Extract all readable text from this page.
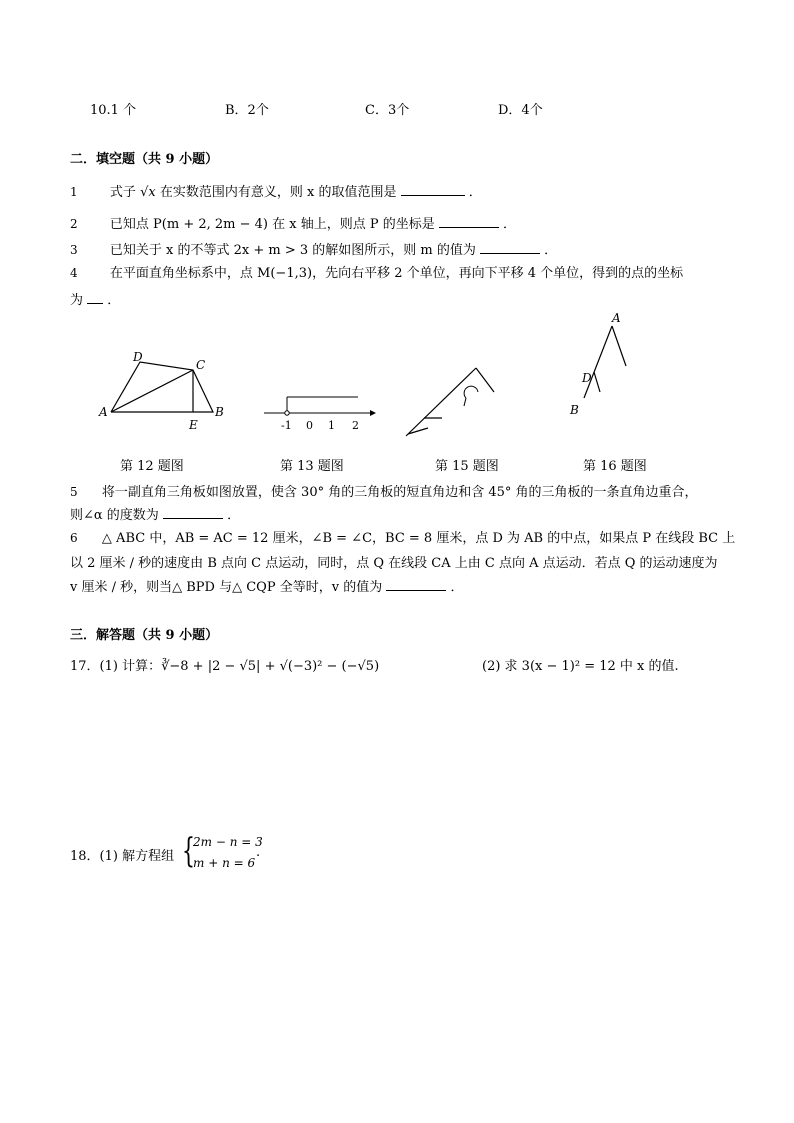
10.1 个	B．2个	C．3个	D．4个
二．填空题（共 9 小题）
1 式子 √x 在实数范围内有意义，则 x 的取值范围是	．
2 已知点 P(m + 2, 2m − 4) 在 x 轴上，则点 P 的坐标是	．
3 已知关于 x 的不等式 2x + m > 3 的解如图所示，则 m 的值为	．
4 在平面直角坐标系中，点 M(−1,3)，先向右平移 2 个单位，再向下平移 4 个单位，得到的点的坐标
为 ．
D
C
A	B
E	-1 0 1 2
A
D
B
第 12 题图	第 13 题图	第 15 题图	第 16 题图
5 将一副直角三角板如图放置，使含 30° 角的三角板的短直角边和含 45° 角的三角板的一条直角边重合，
则∠α 的度数为	．
6 △ ABC 中，AB = AC = 12 厘米，∠B = ∠C，BC = 8 厘米，点 D 为 AB 的中点，如果点 P 在线段 BC 上
以 2 厘米 / 秒的速度由 B 点向 C 点运动，同时，点 Q 在线段 CA 上由 C 点向 A 点运动．若点 Q 的运动速度为
v 厘米 / 秒，则当△ BPD 与△ CQP 全等时，v 的值为	．
三．解答题（共 9 小题）
17．(1) 计算：∛−8 + |2 − √5| + √(−3)² − (−√5)	(2) 求 3(x − 1)² = 12 中 x 的值.
18．(1) 解方程组 {
2m − n = 3
m + n = 6
.
